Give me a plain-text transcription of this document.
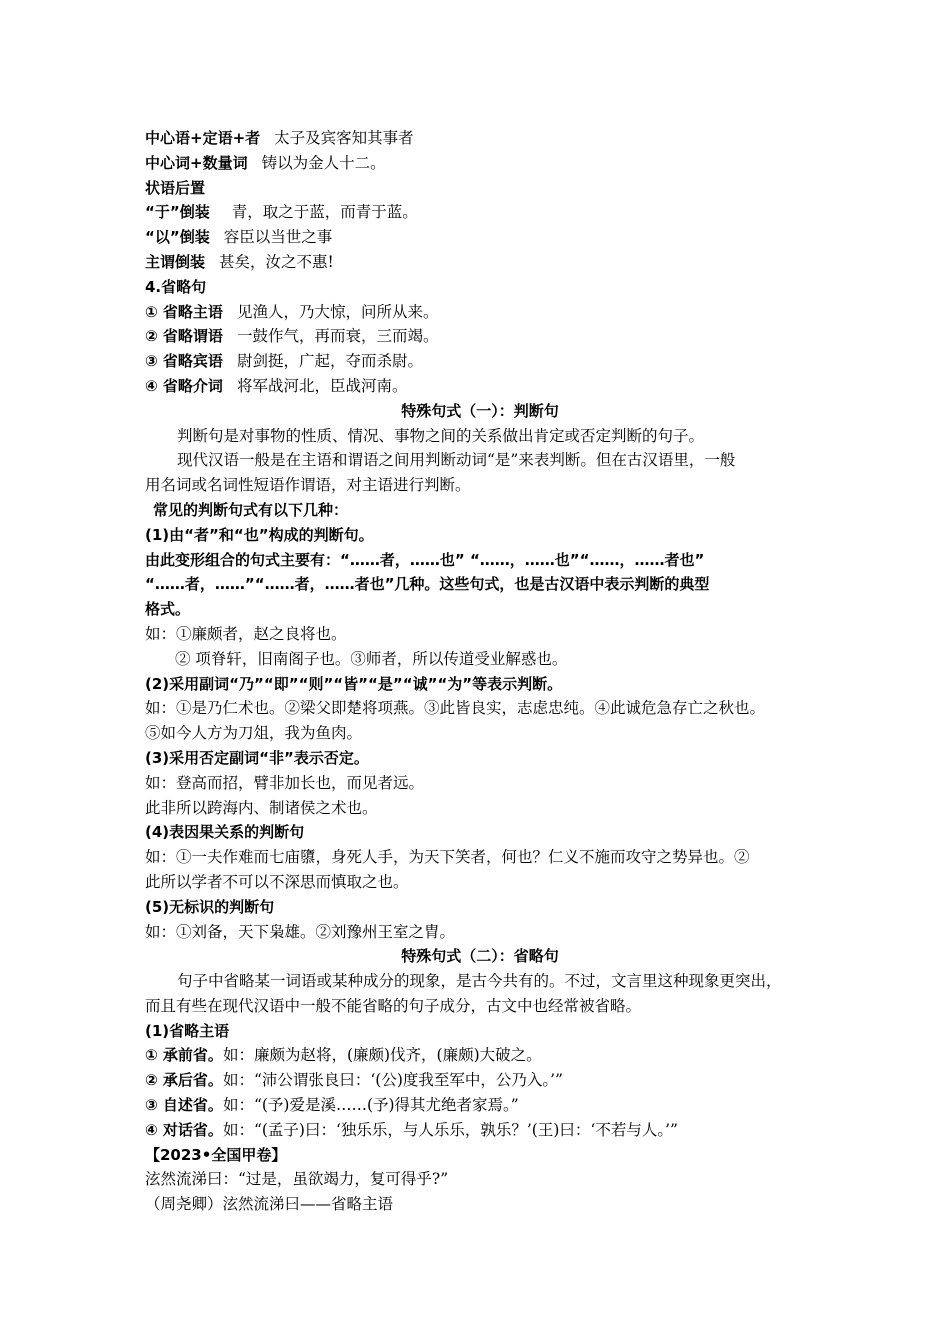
中心语+定语+者 太子及宾客知其事者
中心词+数量词 铸以为金人十二。
状语后置
“于”倒装 青，取之于蓝，而青于蓝。
“以”倒装 容臣以当世之事
主谓倒装 甚矣，汝之不惠!
4.省略句
① 省略主语 见渔人，乃大惊，问所从来。
② 省略谓语 一鼓作气，再而衰，三而竭。
③ 省略宾语 尉剑挺，广起，夺而杀尉。
④ 省略介词 将军战河北，臣战河南。
特殊句式（一）：判断句
判断句是对事物的性质、情况、事物之间的关系做出肯定或否定判断的句子。
现代汉语一般是在主语和谓语之间用判断动词“是”来表判断。但在古汉语里，一般
用名词或名词性短语作谓语，对主语进行判断。
常见的判断句式有以下几种：
(1)由“者”和“也”构成的判断句。
由此变形组合的句式主要有：“……者，……也” “……，……也”“……，……者也”
“……者，……”“……者，……者也”几种。这些句式，也是古汉语中表示判断的典型
格式。
如：①廉颇者，赵之良将也。
② 项脊轩，旧南阁子也。③师者，所以传道受业解惑也。
(2)采用副词“乃”“即”“则”“皆”“是”“诚”“为”等表示判断。
如：①是乃仁术也。②梁父即楚将项燕。③此皆良实，志虑忠纯。④此诚危急存亡之秋也。
⑤如今人方为刀俎，我为鱼肉。
(3)采用否定副词“非”表示否定。
如：登高而招，臂非加长也，而见者远。
此非所以跨海内、制诸侯之术也。
(4)表因果关系的判断句
如：①一夫作难而七庙隳，身死人手，为天下笑者，何也？仁义不施而攻守之势异也。②
此所以学者不可以不深思而慎取之也。
(5)无标识的判断句
如：①刘备，天下枭雄。②刘豫州王室之胄。
特殊句式（二）：省略句
句子中省略某一词语或某种成分的现象，是古今共有的。不过，文言里这种现象更突出，
而且有些在现代汉语中一般不能省略的句子成分，古文中也经常被省略。
(1)省略主语
① 承前省。如：廉颇为赵将，(廉颇)伐齐，(廉颇)大破之。
② 承后省。如：“沛公谓张良曰：‘(公)度我至军中，公乃入。’”
③ 自述省。如：“(予)爱是溪……(予)得其尤绝者家焉。”
④ 对话省。如：“(孟子)曰：‘独乐乐，与人乐乐，孰乐？’(王)曰：‘不若与人。’”
【2023•全国甲卷】
泫然流涕曰：“过是，虽欲竭力，复可得乎?”
（周尧卿）泫然流涕曰——省略主语
